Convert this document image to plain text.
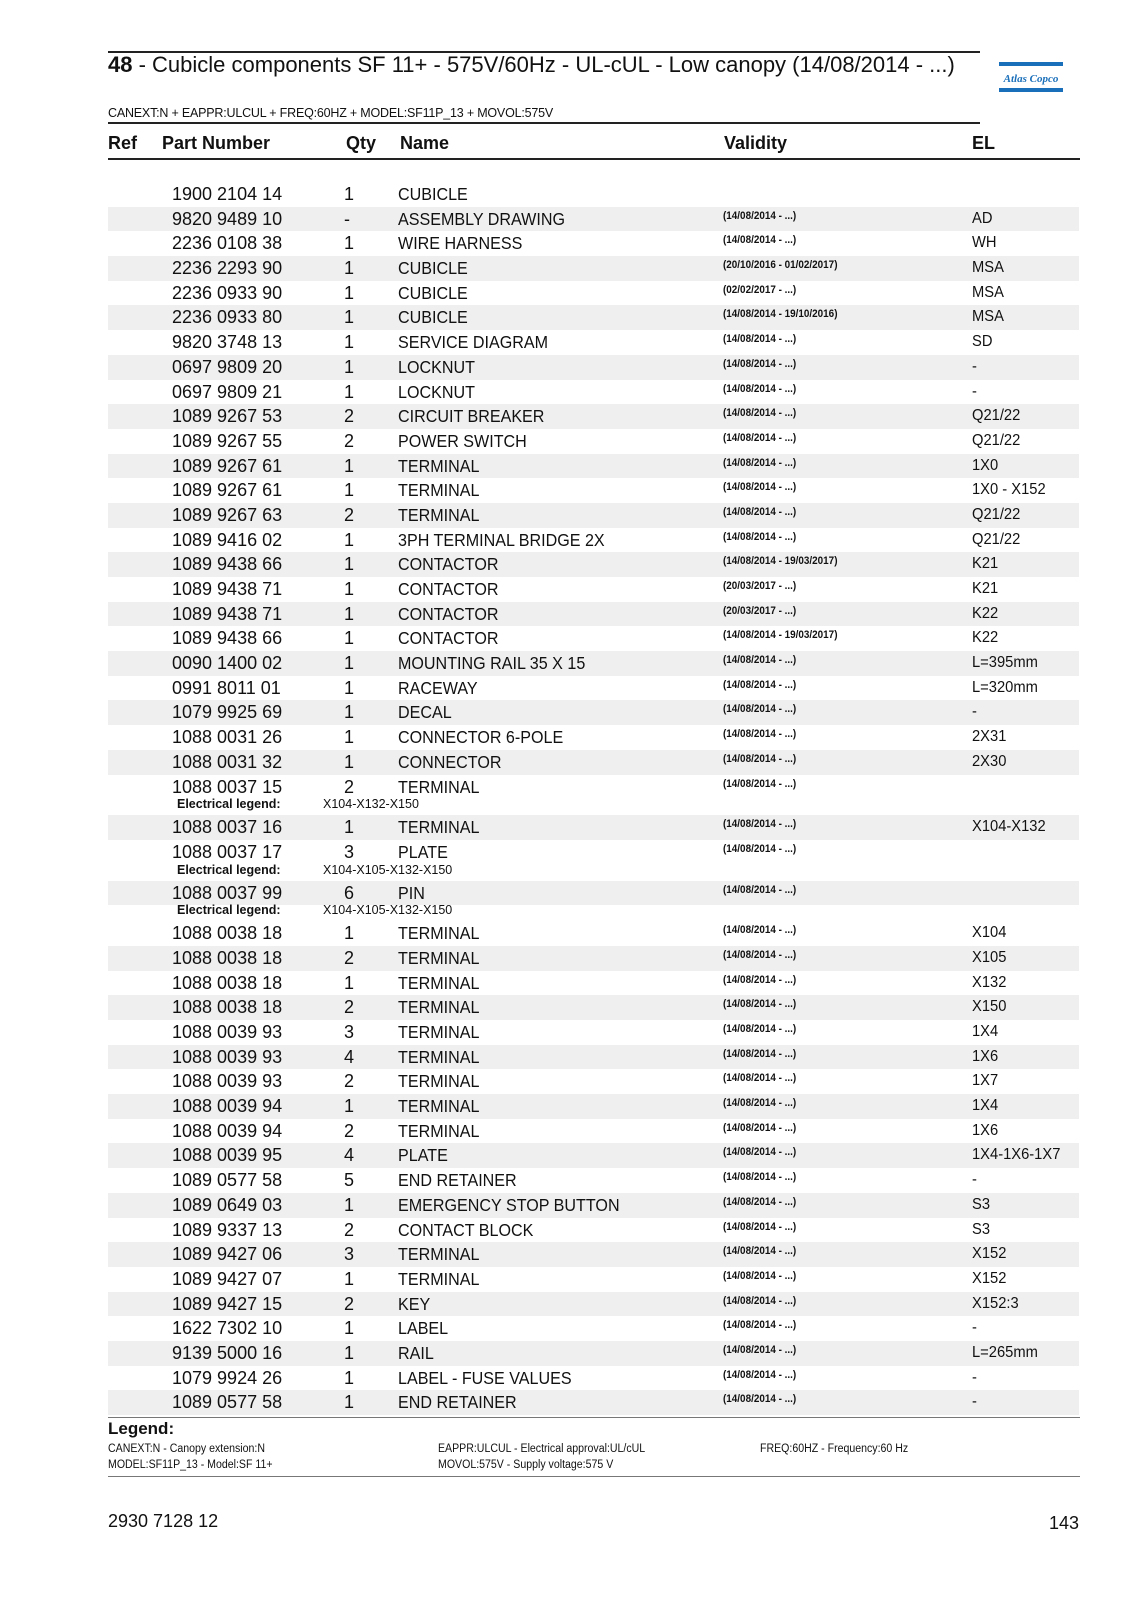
48 - Cubicle components SF 11+ - 575V/60Hz - UL-cUL - Low canopy (14/08/2014 - ...)
CANEXT:N + EAPPR:ULCUL + FREQ:60HZ + MODEL:SF11P_13 + MOVOL:575V
Atlas Copco
Ref Part Number	Qty Name	Validity	EL
1900 2104 14	1	CUBICLE
9820 9489 10	-	ASSEMBLY DRAWING	(14/08/2014 - ...)	AD
2236 0108 38	1	WIRE HARNESS	(14/08/2014 - ...)	WH
2236 2293 90	1	CUBICLE	(20/10/2016 - 01/02/2017)	MSA
2236 0933 90	1	CUBICLE	(02/02/2017 - ...)	MSA
2236 0933 80	1	CUBICLE	(14/08/2014 - 19/10/2016)	MSA
9820 3748 13	1	SERVICE DIAGRAM	(14/08/2014 - ...)	SD
0697 9809 20	1	LOCKNUT	(14/08/2014 - ...)	-
0697 9809 21	1	LOCKNUT	(14/08/2014 - ...)	-
1089 9267 53	2	CIRCUIT BREAKER	(14/08/2014 - ...)	Q21/22
1089 9267 55	2	POWER SWITCH	(14/08/2014 - ...)	Q21/22
1089 9267 61	1	TERMINAL	(14/08/2014 - ...)	1X0
1089 9267 61	1	TERMINAL	(14/08/2014 - ...)	1X0 - X152
1089 9267 63	2	TERMINAL	(14/08/2014 - ...)	Q21/22
1089 9416 02	1	3PH TERMINAL BRIDGE 2X	(14/08/2014 - ...)	Q21/22
1089 9438 66	1	CONTACTOR	(14/08/2014 - 19/03/2017)	K21
1089 9438 71	1	CONTACTOR	(20/03/2017 - ...)	K21
1089 9438 71	1	CONTACTOR	(20/03/2017 - ...)	K22
1089 9438 66	1	CONTACTOR	(14/08/2014 - 19/03/2017)	K22
0090 1400 02	1	MOUNTING RAIL 35 X 15	(14/08/2014 - ...)	L=395mm
0991 8011 01	1	RACEWAY	(14/08/2014 - ...)	L=320mm
1079 9925 69	1	DECAL	(14/08/2014 - ...)	-
1088 0031 26	1	CONNECTOR 6-POLE	(14/08/2014 - ...)	2X31
1088 0031 32	1	CONNECTOR	(14/08/2014 - ...)	2X30
1088 0037 15	2	TERMINAL	(14/08/2014 - ...)
Electrical legend:	X104-X132-X150
1088 0037 16	1	TERMINAL	(14/08/2014 - ...)	X104-X132
1088 0037 17	3	PLATE	(14/08/2014 - ...)
Electrical legend:	X104-X105-X132-X150
1088 0037 99	6	PIN	(14/08/2014 - ...)
Electrical legend:	X104-X105-X132-X150
1088 0038 18	1	TERMINAL	(14/08/2014 - ...)	X104
1088 0038 18	2	TERMINAL	(14/08/2014 - ...)	X105
1088 0038 18	1	TERMINAL	(14/08/2014 - ...)	X132
1088 0038 18	2	TERMINAL	(14/08/2014 - ...)	X150
1088 0039 93	3	TERMINAL	(14/08/2014 - ...)	1X4
1088 0039 93	4	TERMINAL	(14/08/2014 - ...)	1X6
1088 0039 93	2	TERMINAL	(14/08/2014 - ...)	1X7
1088 0039 94	1	TERMINAL	(14/08/2014 - ...)	1X4
1088 0039 94	2	TERMINAL	(14/08/2014 - ...)	1X6
1088 0039 95	4	PLATE	(14/08/2014 - ...)	1X4-1X6-1X7
1089 0577 58	5	END RETAINER	(14/08/2014 - ...)	-
1089 0649 03	1	EMERGENCY STOP BUTTON	(14/08/2014 - ...)	S3
1089 9337 13	2	CONTACT BLOCK	(14/08/2014 - ...)	S3
1089 9427 06	3	TERMINAL	(14/08/2014 - ...)	X152
1089 9427 07	1	TERMINAL	(14/08/2014 - ...)	X152
1089 9427 15	2	KEY	(14/08/2014 - ...)	X152:3
1622 7302 10	1	LABEL	(14/08/2014 - ...)	-
9139 5000 16	1	RAIL	(14/08/2014 - ...)	L=265mm
1079 9924 26	1	LABEL - FUSE VALUES	(14/08/2014 - ...)	-
1089 0577 58	1	END RETAINER	(14/08/2014 - ...)	-
Legend:
CANEXT:N - Canopy extension:N	EAPPR:ULCUL - Electrical approval:UL/cUL	FREQ:60HZ - Frequency:60 Hz
MODEL:SF11P_13 - Model:SF 11+	MOVOL:575V - Supply voltage:575 V
2930 7128 12	143
